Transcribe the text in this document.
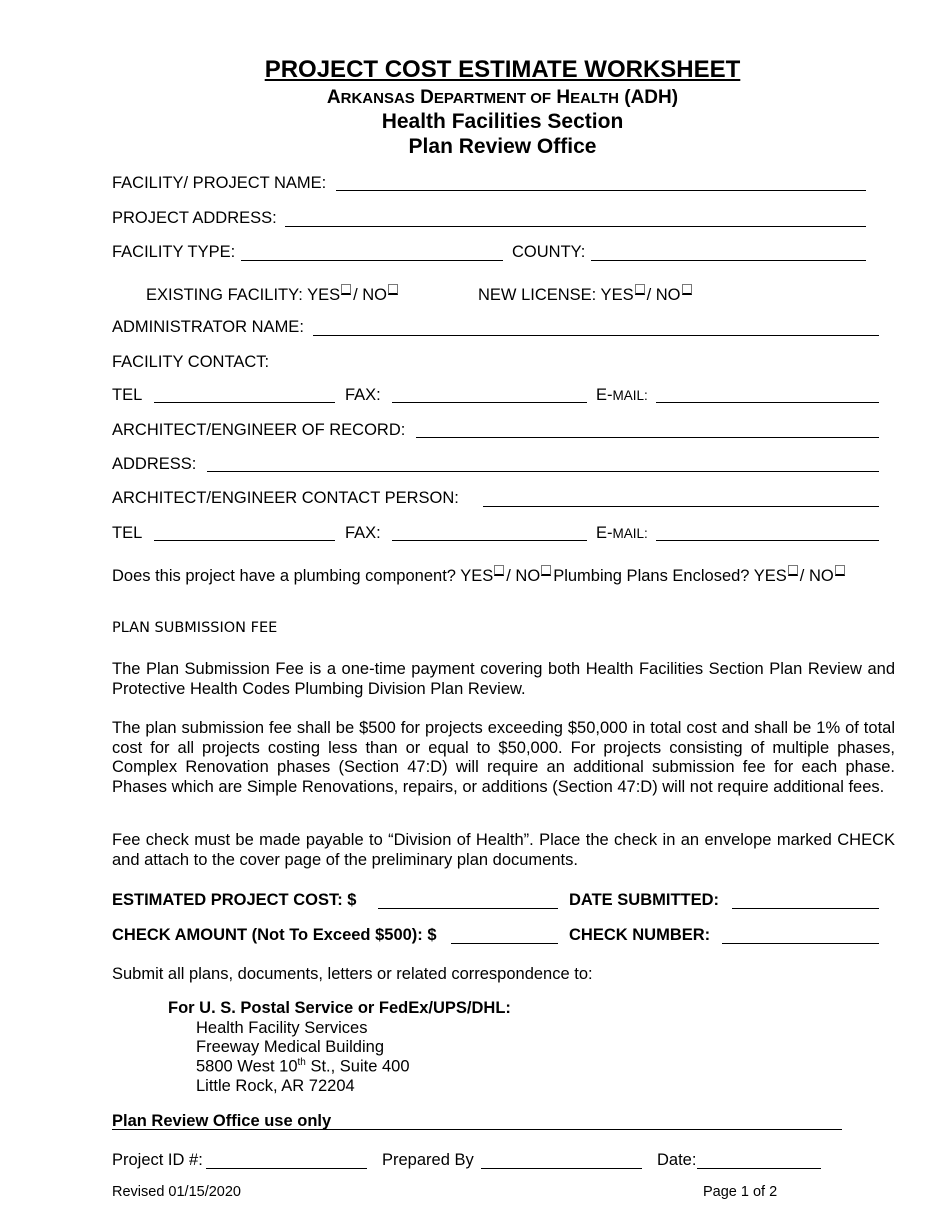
PROJECT COST ESTIMATE WORKSHEET
ARKANSAS DEPARTMENT OF HEALTH (ADH)
Health Facilities Section
Plan Review Office
FACILITY/ PROJECT NAME:
PROJECT ADDRESS:
FACILITY TYPE:	COUNTY:
EXISTING FACILITY: YES / NO	NEW LICENSE: YES / NO
ADMINISTRATOR NAME:
FACILITY CONTACT:
TEL	FAX:	E-MAIL:
ARCHITECT/ENGINEER OF RECORD:
ADDRESS:
ARCHITECT/ENGINEER CONTACT PERSON:
TEL	FAX:	E-MAIL:
Does this project have a plumbing component? YES / NO Plumbing Plans Enclosed? YES / NO
PLAN SUBMISSION FEE
The Plan Submission Fee is a one-time payment covering both Health Facilities Section Plan Review and Protective Health Codes Plumbing Division Plan Review.
The plan submission fee shall be $500 for projects exceeding $50,000 in total cost and shall be 1% of total cost for all projects costing less than or equal to $50,000. For projects consisting of multiple phases, Complex Renovation phases (Section 47:D) will require an additional submission fee for each phase. Phases which are Simple Renovations, repairs, or additions (Section 47:D) will not require additional fees.
Fee check must be made payable to “Division of Health”. Place the check in an envelope marked CHECK and attach to the cover page of the preliminary plan documents.
ESTIMATED PROJECT COST: $	DATE SUBMITTED:
CHECK AMOUNT (Not To Exceed $500): $	CHECK NUMBER:
Submit all plans, documents, letters or related correspondence to:
For U. S. Postal Service or FedEx/UPS/DHL:
Health Facility Services
Freeway Medical Building
5800 West 10th St., Suite 400
Little Rock, AR 72204
Plan Review Office use only
Project ID #:	Prepared By	Date:
Revised 01/15/2020	Page 1 of 2
